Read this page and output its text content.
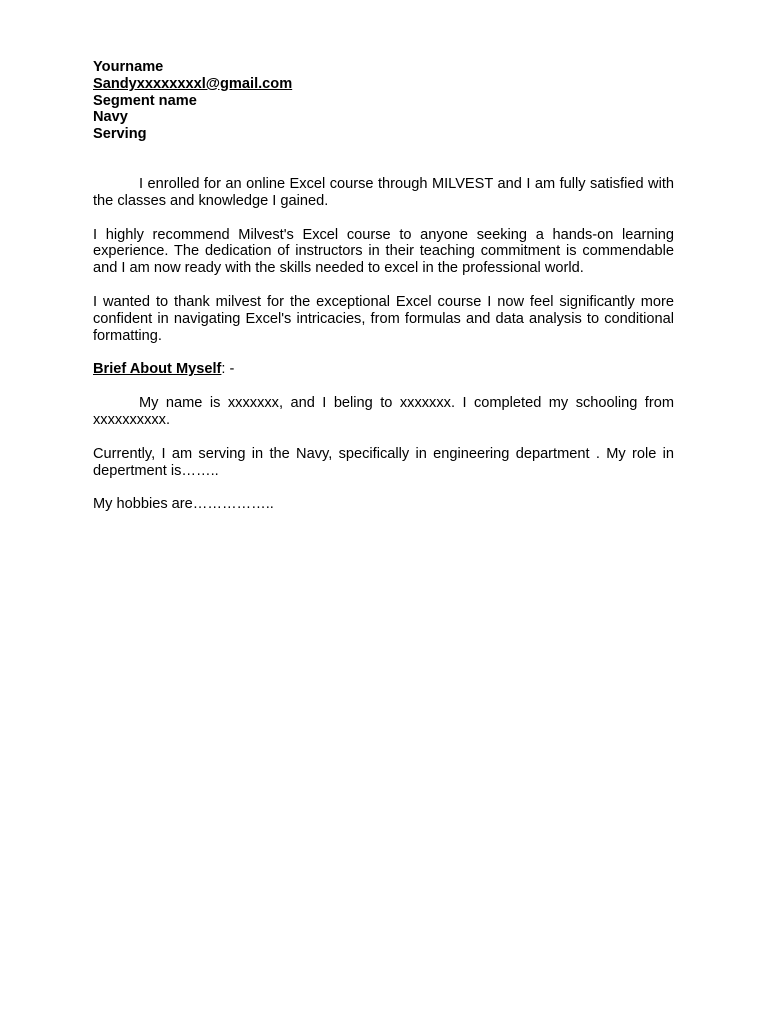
Yourname
Sandyxxxxxxxxl@gmail.com
Segment name
Navy
Serving

I enrolled for an online Excel course through MILVEST and I am fully satisfied with the classes and knowledge I gained.

I highly recommend Milvest's Excel course to anyone seeking a hands-on learning experience. The dedication of instructors in their teaching commitment is commendable and I am now ready with the skills needed to excel in the professional world.

I wanted to thank milvest for the exceptional Excel course I now feel significantly more confident in navigating Excel's intricacies, from formulas and data analysis to conditional formatting.

Brief About Myself: -

My name is xxxxxxx, and I beling to xxxxxxx. I completed my schooling from xxxxxxxxxx.

Currently, I am serving in the Navy, specifically in engineering department . My role in depertment is……..

My hobbies are……………..
